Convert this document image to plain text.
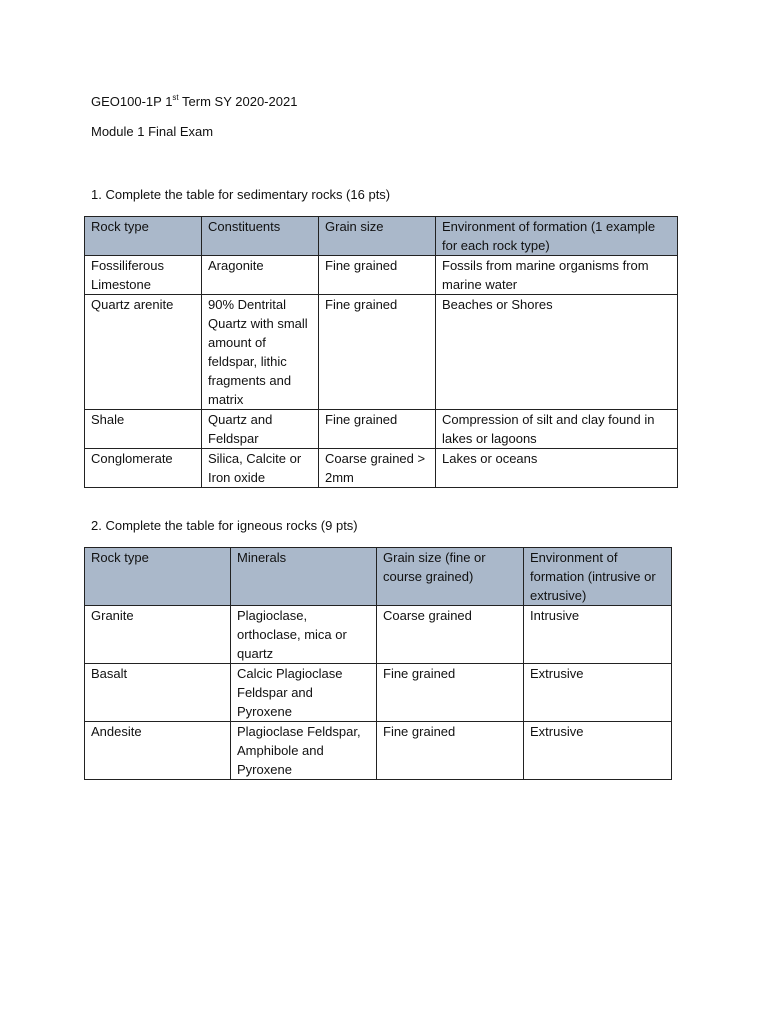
GEO100-1P 1st Term SY 2020-2021
Module 1 Final Exam
1. Complete the table for sedimentary rocks (16 pts)
Rock type	Constituents	Grain size	Environment of formation (1 example for each rock type)
Fossiliferous Limestone	Aragonite	Fine grained	Fossils from marine organisms from marine water
Quartz arenite	90% Dentrital Quartz with small amount of feldspar, lithic fragments and matrix	Fine grained	Beaches or Shores
Shale	Quartz and Feldspar	Fine grained	Compression of silt and clay found in lakes or lagoons
Conglomerate	Silica, Calcite or Iron oxide	Coarse grained > 2mm	Lakes or oceans
2. Complete the table for igneous rocks (9 pts)
Rock type	Minerals	Grain size (fine or course grained)	Environment of formation (intrusive or extrusive)
Granite	Plagioclase, orthoclase, mica or quartz	Coarse grained	Intrusive
Basalt	Calcic Plagioclase Feldspar and Pyroxene	Fine grained	Extrusive
Andesite	Plagioclase Feldspar, Amphibole and Pyroxene	Fine grained	Extrusive
